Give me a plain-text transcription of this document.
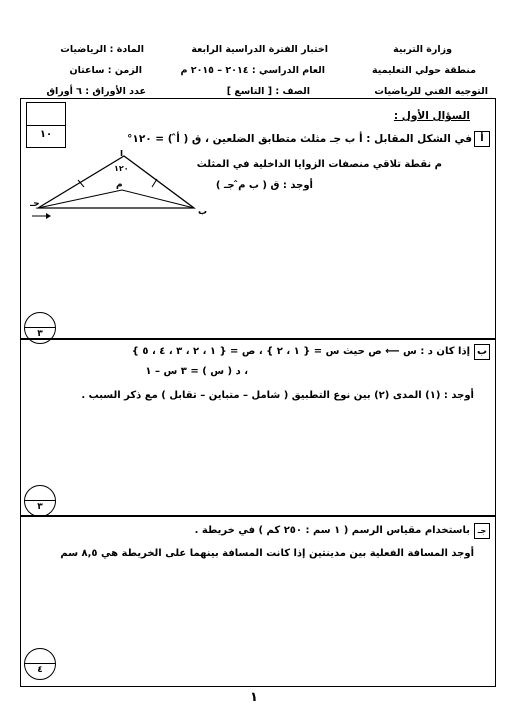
وزارة التربية
منطقة حولي التعليمية
التوجيه الفني للرياضيات
اختبار الفترة الدراسية الرابعة
العام الدراسي : ٢٠١٤ – ٢٠١٥ م
الصف : [ التاسع ]
المادة : الرياضيات
الزمن : ساعتان
عدد الأوراق : ٦ أوراق
١٠
السؤال الأول :
أ
في الشكل المقابل : أ ب جـ مثلث متطابق الضلعين ، ق ( أ̂ ) = ١٢٠°
م نقطة تلاقي منصفات الزوايا الداخلية في المثلث
أوجد : ق ( ب م̂ جـ )
أ
ب
جـ
م
١٢٠
٣
ب
إذا كان د : س ⟵ ص حيث س = { ١ ، ٢ } ، ص = { ١ ، ٢ ، ٣ ، ٤ ، ٥ }
، د ( س ) = ٣ س – ١
أوجد : (١) المدى (٢) بين نوع التطبيق ( شامل – متباين – تقابل ) مع ذكر السبب .
٣
جـ
باستخدام مقياس الرسم ( ١ سم : ٢٥٠ كم ) في خريطة .
أوجد المسافة الفعلية بين مدينتين إذا كانت المسافة بينهما على الخريطة هي ٨,٥ سم
٤
١
